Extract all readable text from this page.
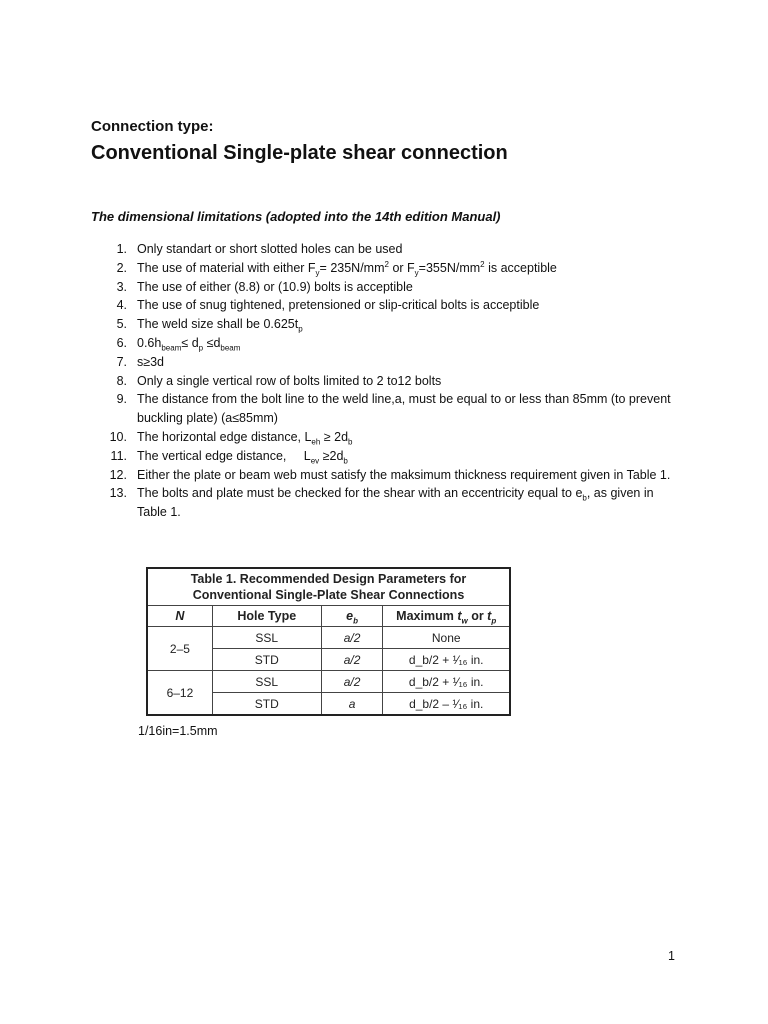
Connection type:
Conventional Single-plate shear connection
The dimensional limitations (adopted into the 14th edition Manual)
1. Only standart or short slotted holes can be used
2. The use of material with either $F_y= 235N/mm^2$ or $F_y=355N/mm^2$ is acceptible
3. The use of either (8.8) or (10.9) bolts is acceptible
4. The use of snug tightened, pretensioned or slip-critical bolts is acceptible
5. The weld size shall be $0.625t_p$
6. $0.6h_{beam}\le d_p \le d_{beam}$
7. s≥3d
8. Only a single vertical row of bolts limited to 2 to12 bolts
9. The distance from the bolt line to the weld line,a, must be equal to or less than 85mm (to prevent buckling plate) (a≤85mm)
10. The horizontal edge distance, $L_{eh} \ge 2d_b$
11. The vertical edge distance,     $L_{ev} \ge 2d_b$
12. Either the plate or beam web must satisfy the maksimum thickness requirement given in Table 1.
13. The bolts and plate must be checked for the shear with an eccentricity equal to $e_b$, as given in Table 1.
Table 1. Recommended Design Parameters for
Conventional Single-Plate Shear Connections			

N	Hole Type	$e_b$	Maximum $t_w$ or $t_p$
2–5	SSL	a/2	None
	STD	a/2	d_b/2 + ¹⁄₁₆ in.
6–12	SSL	a/2	d_b/2 + ¹⁄₁₆ in.
	STD	a	d_b/2 – ¹⁄₁₆ in.
1/16in=1.5mm
1
